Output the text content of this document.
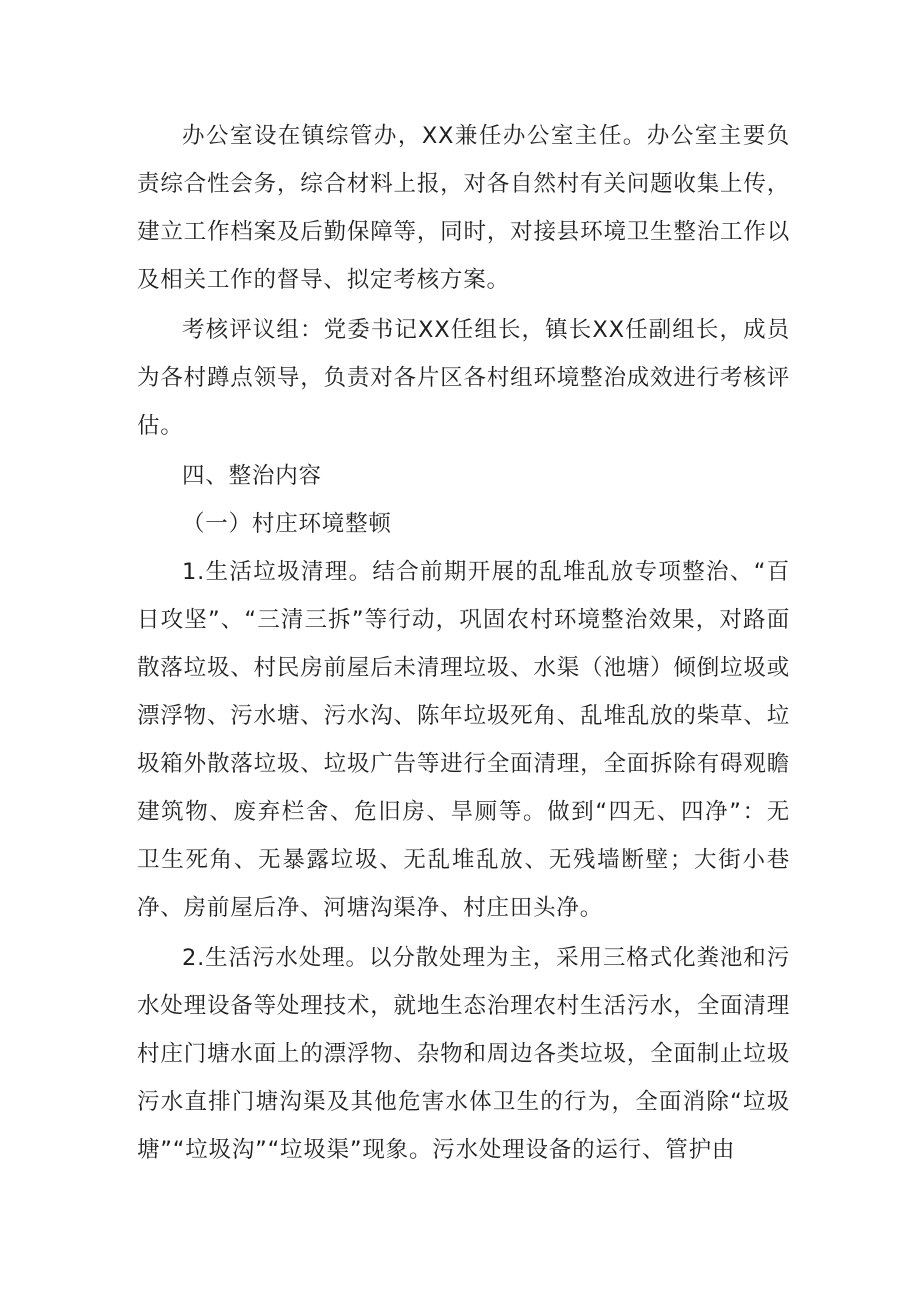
办公室设在镇综管办，XX兼任办公室主任。办公室主要负责综合性会务，综合材料上报，对各自然村有关问题收集上传，建立工作档案及后勤保障等，同时，对接县环境卫生整治工作以及相关工作的督导、拟定考核方案。

考核评议组：党委书记XX任组长，镇长XX任副组长，成员为各村蹲点领导，负责对各片区各村组环境整治成效进行考核评估。

四、整治内容

（一）村庄环境整顿

1.生活垃圾清理。结合前期开展的乱堆乱放专项整治、“百日攻坚”、“三清三拆”等行动，巩固农村环境整治效果，对路面散落垃圾、村民房前屋后未清理垃圾、水渠（池塘）倾倒垃圾或漂浮物、污水塘、污水沟、陈年垃圾死角、乱堆乱放的柴草、垃圾箱外散落垃圾、垃圾广告等进行全面清理，全面拆除有碍观瞻建筑物、废弃栏舍、危旧房、旱厕等。做到“四无、四净”：无卫生死角、无暴露垃圾、无乱堆乱放、无残墙断壁；大街小巷净、房前屋后净、河塘沟渠净、村庄田头净。

2.生活污水处理。以分散处理为主，采用三格式化粪池和污水处理设备等处理技术，就地生态治理农村生活污水，全面清理村庄门塘水面上的漂浮物、杂物和周边各类垃圾，全面制止垃圾污水直排门塘沟渠及其他危害水体卫生的行为，全面消除“垃圾塘”“垃圾沟”“垃圾渠”现象。污水处理设备的运行、管护由
